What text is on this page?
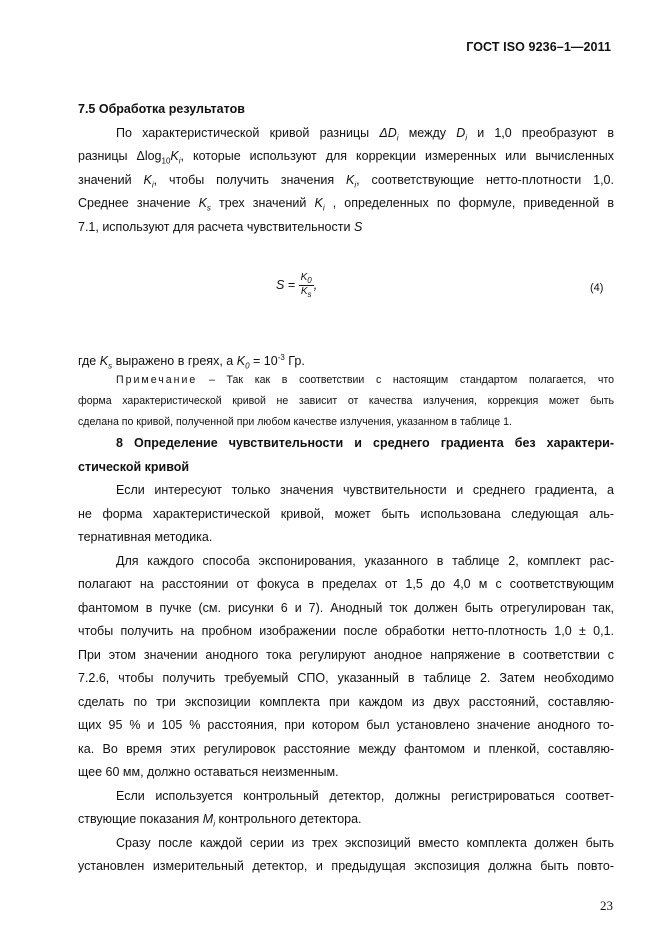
ГОСТ ISO 9236–1—2011
7.5 Обработка результатов
По характеристической кривой разницы $\Delta D_i$ между $D_i$ и 1,0 преобразуют в
разницы $\Delta\log_{10}K_i$, которые используют для коррекции измеренных или вычисленных
значений $K_i$, чтобы получить значения $K_i$, соответствующие нетто-плотности 1,0.
Среднее значение $K_s$ трех значений $K_i$ , определенных по формуле, приведенной в
7.1, используют для расчета чувствительности S
$S = \frac{K_0}{K_s}$ ,	(4)
где $K_s$ выражено в греях, а $K_0 = 10^{-3}$ Гр.
Примечание – Так как в соответствии с настоящим стандартом полагается, что
форма характеристической кривой не зависит от качества излучения, коррекция может быть
сделана по кривой, полученной при любом качестве излучения, указанном в таблице 1.
8 Определение чувствительности и среднего градиента без характери-
стической кривой
Если интересуют только значения чувствительности и среднего градиента, а
не форма характеристической кривой, может быть использована следующая аль-
тернативная методика.
Для каждого способа экспонирования, указанного в таблице 2, комплект рас-
полагают на расстоянии от фокуса в пределах от 1,5 до 4,0 м с соответствующим
фантомом в пучке (см. рисунки 6 и 7). Анодный ток должен быть отрегулирован так,
чтобы получить на пробном изображении после обработки нетто-плотность 1,0 ± 0,1.
При этом значении анодного тока регулируют анодное напряжение в соответствии с
7.2.6, чтобы получить требуемый СПО, указанный в таблице 2. Затем необходимо
сделать по три экспозиции комплекта при каждом из двух расстояний, составляю-
щих 95 % и 105 % расстояния, при котором был установлено значение анодного то-
ка. Во время этих регулировок расстояние между фантомом и пленкой, составляю-
щее 60 мм, должно оставаться неизменным.
Если используется контрольный детектор, должны регистрироваться соответ-
ствующие показания $M_i$ контрольного детектора.
Сразу после каждой серии из трех экспозиций вместо комплекта должен быть
установлен измерительный детектор, и предыдущая экспозиция должна быть повто-
23
